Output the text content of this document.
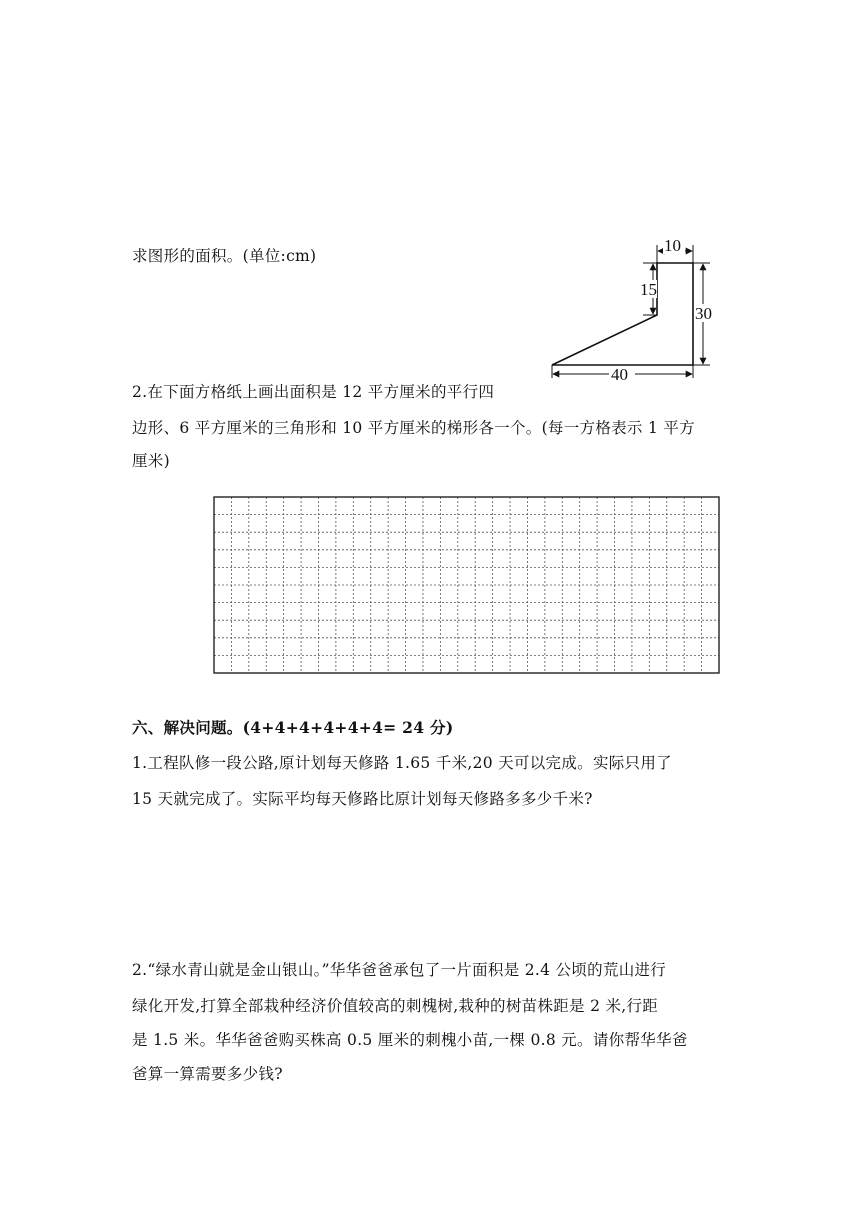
求图形的面积。(单位:cm)
10
15
30
40
2.在下面方格纸上画出面积是 12 平方厘米的平行四
边形、6 平方厘米的三角形和 10 平方厘米的梯形各一个。(每一方格表示 1 平方
厘米)
六、解决问题。(4+4+4+4+4+4= 24 分)
1.工程队修一段公路,原计划每天修路 1.65 千米,20 天可以完成。实际只用了
15 天就完成了。实际平均每天修路比原计划每天修路多多少千米?
2.“绿水青山就是金山银山。”华华爸爸承包了一片面积是 2.4 公顷的荒山进行
绿化开发,打算全部栽种经济价值较高的刺槐树,栽种的树苗株距是 2 米,行距
是 1.5 米。华华爸爸购买株高 0.5 厘米的刺槐小苗,一棵 0.8 元。请你帮华华爸
爸算一算需要多少钱?
